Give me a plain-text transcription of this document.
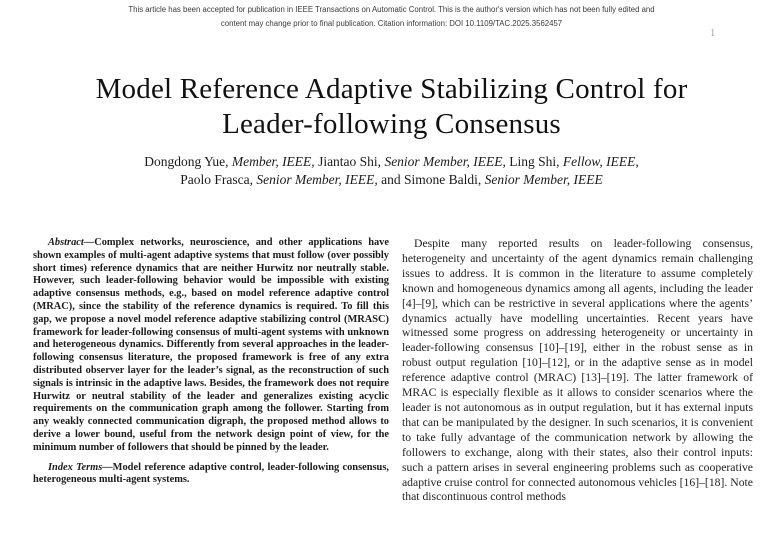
This article has been accepted for publication in IEEE Transactions on Automatic Control. This is the author's version which has not been fully edited and
content may change prior to final publication. Citation information: DOI 10.1109/TAC.2025.3562457
1
Model Reference Adaptive Stabilizing Control for
Leader-following Consensus
Dongdong Yue, Member, IEEE, Jiantao Shi, Senior Member, IEEE, Ling Shi, Fellow, IEEE,
Paolo Frasca, Senior Member, IEEE, and Simone Baldi, Senior Member, IEEE

Abstract—Complex networks, neuroscience, and other applications have shown examples of multi-agent adaptive systems that must follow (over possibly short times) reference dynamics that are neither Hurwitz nor neutrally stable. However, such leader-following behavior would be impossible with existing adaptive consensus methods, e.g., based on model reference adaptive control (MRAC), since the stability of the reference dynamics is required. To fill this gap, we propose a novel model reference adaptive stabilizing control (MRASC) framework for leader-following consensus of multi-agent systems with unknown and heterogeneous dynamics. Differently from several approaches in the leader-following consensus literature, the proposed framework is free of any extra distributed observer layer for the leader’s signal, as the reconstruction of such signals is intrinsic in the adaptive laws. Besides, the framework does not require Hurwitz or neutral stability of the leader and generalizes existing acyclic requirements on the communication graph among the follower. Starting from any weakly connected communication digraph, the proposed method allows to derive a lower bound, useful from the network design point of view, for the minimum number of followers that should be pinned by the leader.

Index Terms—Model reference adaptive control, leader-following consensus, heterogeneous multi-agent systems.

Despite many reported results on leader-following consensus, heterogeneity and uncertainty of the agent dynamics remain challenging issues to address. It is common in the literature to assume completely known and homogeneous dynamics among all agents, including the leader [4]–[9], which can be restrictive in several applications where the agents’ dynamics actually have modelling uncertainties. Recent years have witnessed some progress on addressing heterogeneity or uncertainty in leader-following consensus [10]–[19], either in the robust sense as in robust output regulation [10]–[12], or in the adaptive sense as in model reference adaptive control (MRAC) [13]–[19]. The latter framework of MRAC is especially flexible as it allows to consider scenarios where the leader is not autonomous as in output regulation, but it has external inputs that can be manipulated by the designer. In such scenarios, it is convenient to take fully advantage of the communication network by allowing the followers to exchange, along with their states, also their control inputs: such a pattern arises in several engineering problems such as cooperative adaptive cruise control for connected autonomous vehicles [16]–[18]. Note that discontinuous control methods
